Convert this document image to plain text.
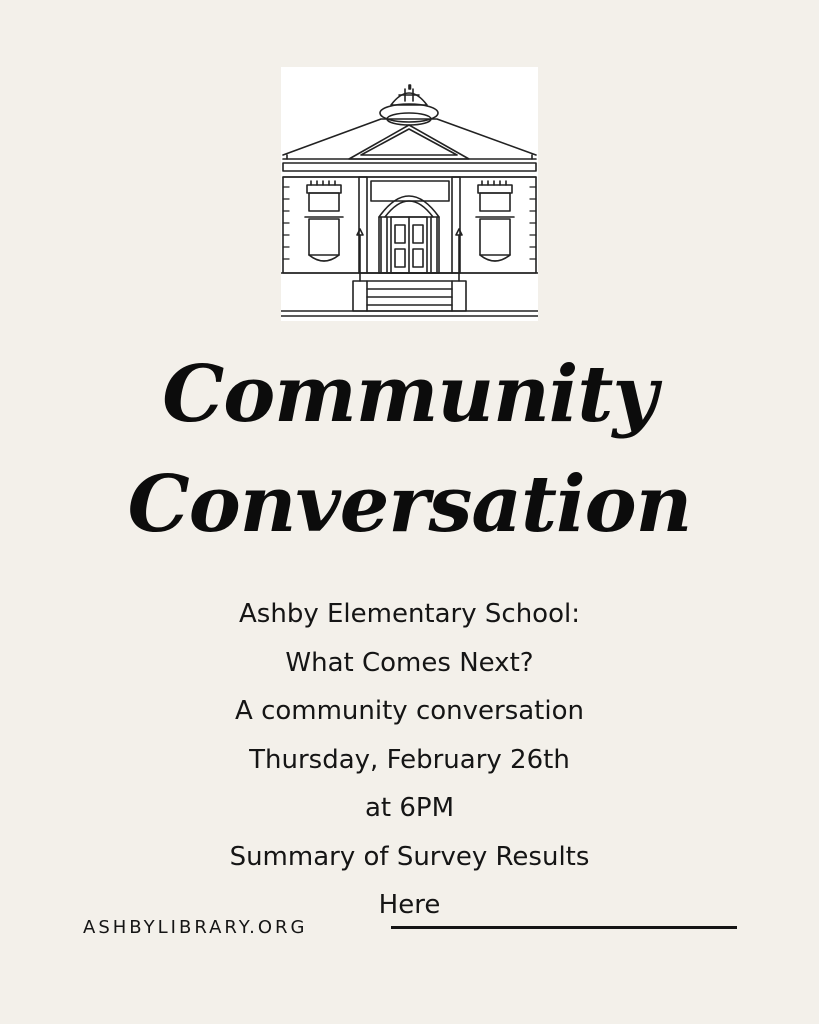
Community
Conversation
Ashby Elementary School:
What Comes Next?
A community conversation
Thursday, February 26th
at 6PM
Summary of Survey Results
Here
ASHBYLIBRARY.ORG
